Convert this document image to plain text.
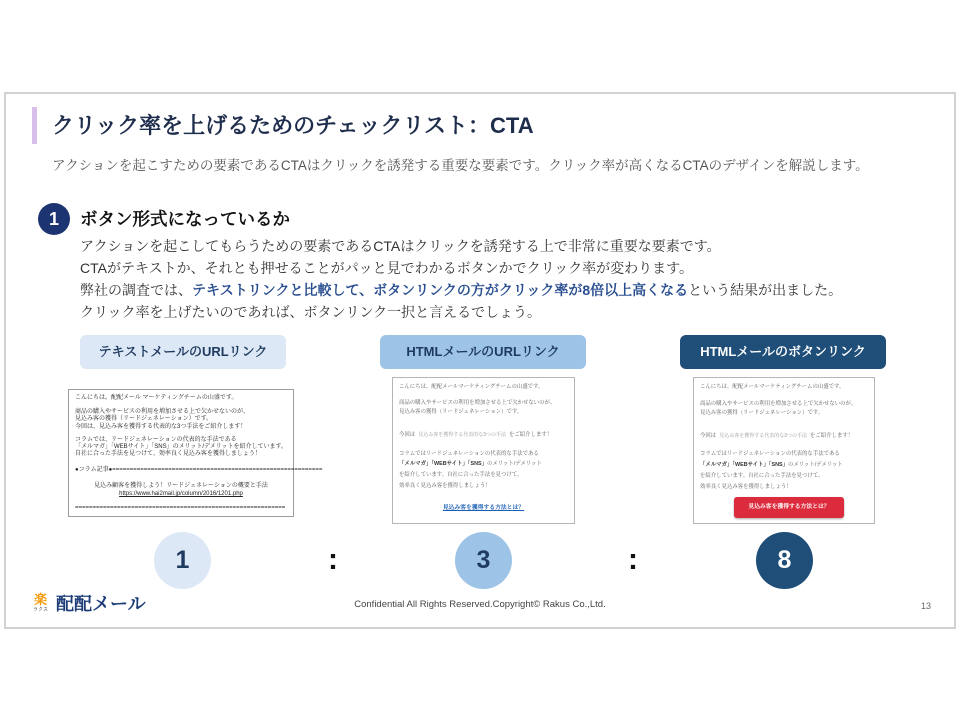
クリック率を上げるためのチェックリスト：CTA
アクションを起こすための要素であるCTAはクリックを誘発する重要な要素です。クリック率が高くなるCTAのデザインを解説します。
1	ボタン形式になっているか
アクションを起こしてもらうための要素であるCTAはクリックを誘発する上で非常に重要な要素です。
CTAがテキストか、それとも押せることがパッと見でわかるボタンかでクリック率が変わります。
弊社の調査では、テキストリンクと比較して、ボタンリンクの方がクリック率が8倍以上高くなるという結果が出ました。
クリック率を上げたいのであれば、ボタンリンク一択と言えるでしょう。
テキストメールのURLリンク	HTMLメールのURLリンク	HTMLメールのボタンリンク
こんにちは。配配メール マーケティングチームの山盛です。
商品の購入やサービスの利用を増加させる上で欠かせないのが、
見込み客の獲得（リードジェネレーション）です。
今回は、見込み客を獲得する代表的な3つ手法をご紹介します！
コラムでは、リードジェネレーションの代表的な手法である
「メルマガ」「WEBサイト」「SNS」のメリット/デメリットを紹介しています。
自社に合った手法を見つけて、効率良く見込み客を獲得しましょう！
●コラム記事●============================================================
見込み顧客を獲得しよう！リードジェネレーションの概要と手法
https://www.hai2mail.jp/column/2016/1201.php
============================================================
こんにちは、配配メールマーケティングチームの山盛です。
商品の購入やサービスの利用を増加させる上で欠かせないのが、
見込み客の獲得（リードジェネレーション）です。
今回は 見込み客を獲得する代表的な3つの手法 をご紹介します！
コラムではリードジェネレーションの代表的な手法である
「メルマガ」「WEBサイト」「SNS」のメリット/デメリット
を紹介しています。自社に合った手法を見つけて、
効率良く見込み客を獲得しましょう！
見込み客を獲得する方法とは？
こんにちは。配配メールマーケティングチームの山盛です。
商品の購入やサービスの利用を増加させる上で欠かせないのが、
見込み客の獲得（リードジェネレーション）です。
今回は 見込み客を獲得する代表的な3つの手法 をご紹介します！
コラムではリードジェネレーションの代表的な手法である
「メルマガ」「WEBサイト」「SNS」のメリット/デメリット
を紹介しています。自社に合った手法を見つけて、
効率良く見込み客を獲得しましょう！
見込み客を獲得する方法とは？
1	:	3	:	8
楽
ラクス 配配メール	Confidential All Rights Reserved.Copyright© Rakus Co.,Ltd.	13
